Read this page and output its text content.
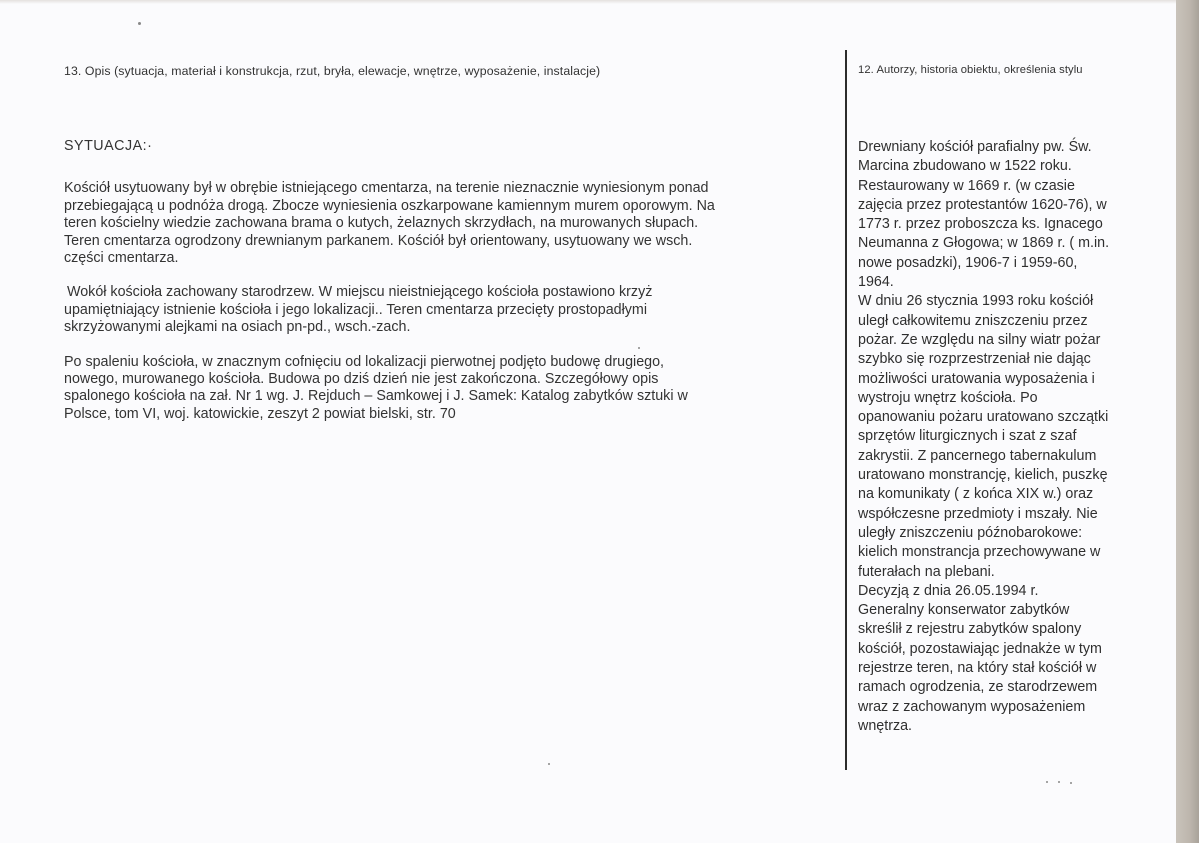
13. Opis (sytuacja, materiał i konstrukcja, rzut, bryła, elewacje, wnętrze, wyposażenie, instalacje)	12. Autorzy, historia obiektu, określenia stylu
SYTUACJA:·

Kościół usytuowany był w obrębie istniejącego cmentarza, na terenie nieznacznie wyniesionym ponad
przebiegającą u podnóża drogą. Zbocze wyniesienia oszkarpowane kamiennym murem oporowym. Na
teren kościelny wiedzie zachowana brama o kutych, żelaznych skrzydłach, na murowanych słupach.
Teren cmentarza ogrodzony drewnianym parkanem. Kościół był orientowany, usytuowany we wsch.
części cmentarza.

Wokół kościoła zachowany starodrzew. W miejscu nieistniejącego kościoła postawiono krzyż
upamiętniający istnienie kościoła i jego lokalizacji.. Teren cmentarza przecięty prostopadłymi
skrzyżowanymi alejkami na osiach pn-pd., wsch.-zach.

Po spaleniu kościoła, w znacznym cofnięciu od lokalizacji pierwotnej podjęto budowę drugiego,
nowego, murowanego kościoła. Budowa po dziś dzień nie jest zakończona. Szczegółowy opis
spalonego kościoła na zał. Nr 1 wg. J. Rejduch – Samkowej i J. Samek: Katalog zabytków sztuki w
Polsce, tom VI, woj. katowickie, zeszyt 2 powiat bielski, str. 70

Drewniany kościół parafialny pw. Św.
Marcina zbudowano w 1522 roku.
Restaurowany w 1669 r. (w czasie
zajęcia przez protestantów 1620-76), w
1773 r. przez proboszcza ks. Ignacego
Neumanna z Głogowa; w 1869 r. ( m.in.
nowe posadzki), 1906-7 i 1959-60,
1964.
W dniu 26 stycznia 1993 roku kościół
uległ całkowitemu zniszczeniu przez
pożar. Ze względu na silny wiatr pożar
szybko się rozprzestrzeniał nie dając
możliwości uratowania wyposażenia i
wystroju wnętrz kościoła. Po
opanowaniu pożaru uratowano szczątki
sprzętów liturgicznych i szat z szaf
zakrystii. Z pancernego tabernakulum
uratowano monstrancję, kielich, puszkę
na komunikaty ( z końca XIX w.) oraz
współczesne przedmioty i mszały. Nie
uległy zniszczeniu późnobarokowe:
kielich monstrancja przechowywane w
futerałach na plebani.
Decyzją z dnia 26.05.1994 r.
Generalny konserwator zabytków
skreślił z rejestru zabytków spalony
kościół, pozostawiając jednakże w tym
rejestrze teren, na który stał kościół w
ramach ogrodzenia, ze starodrzewem
wraz z zachowanym wyposażeniem
wnętrza.
